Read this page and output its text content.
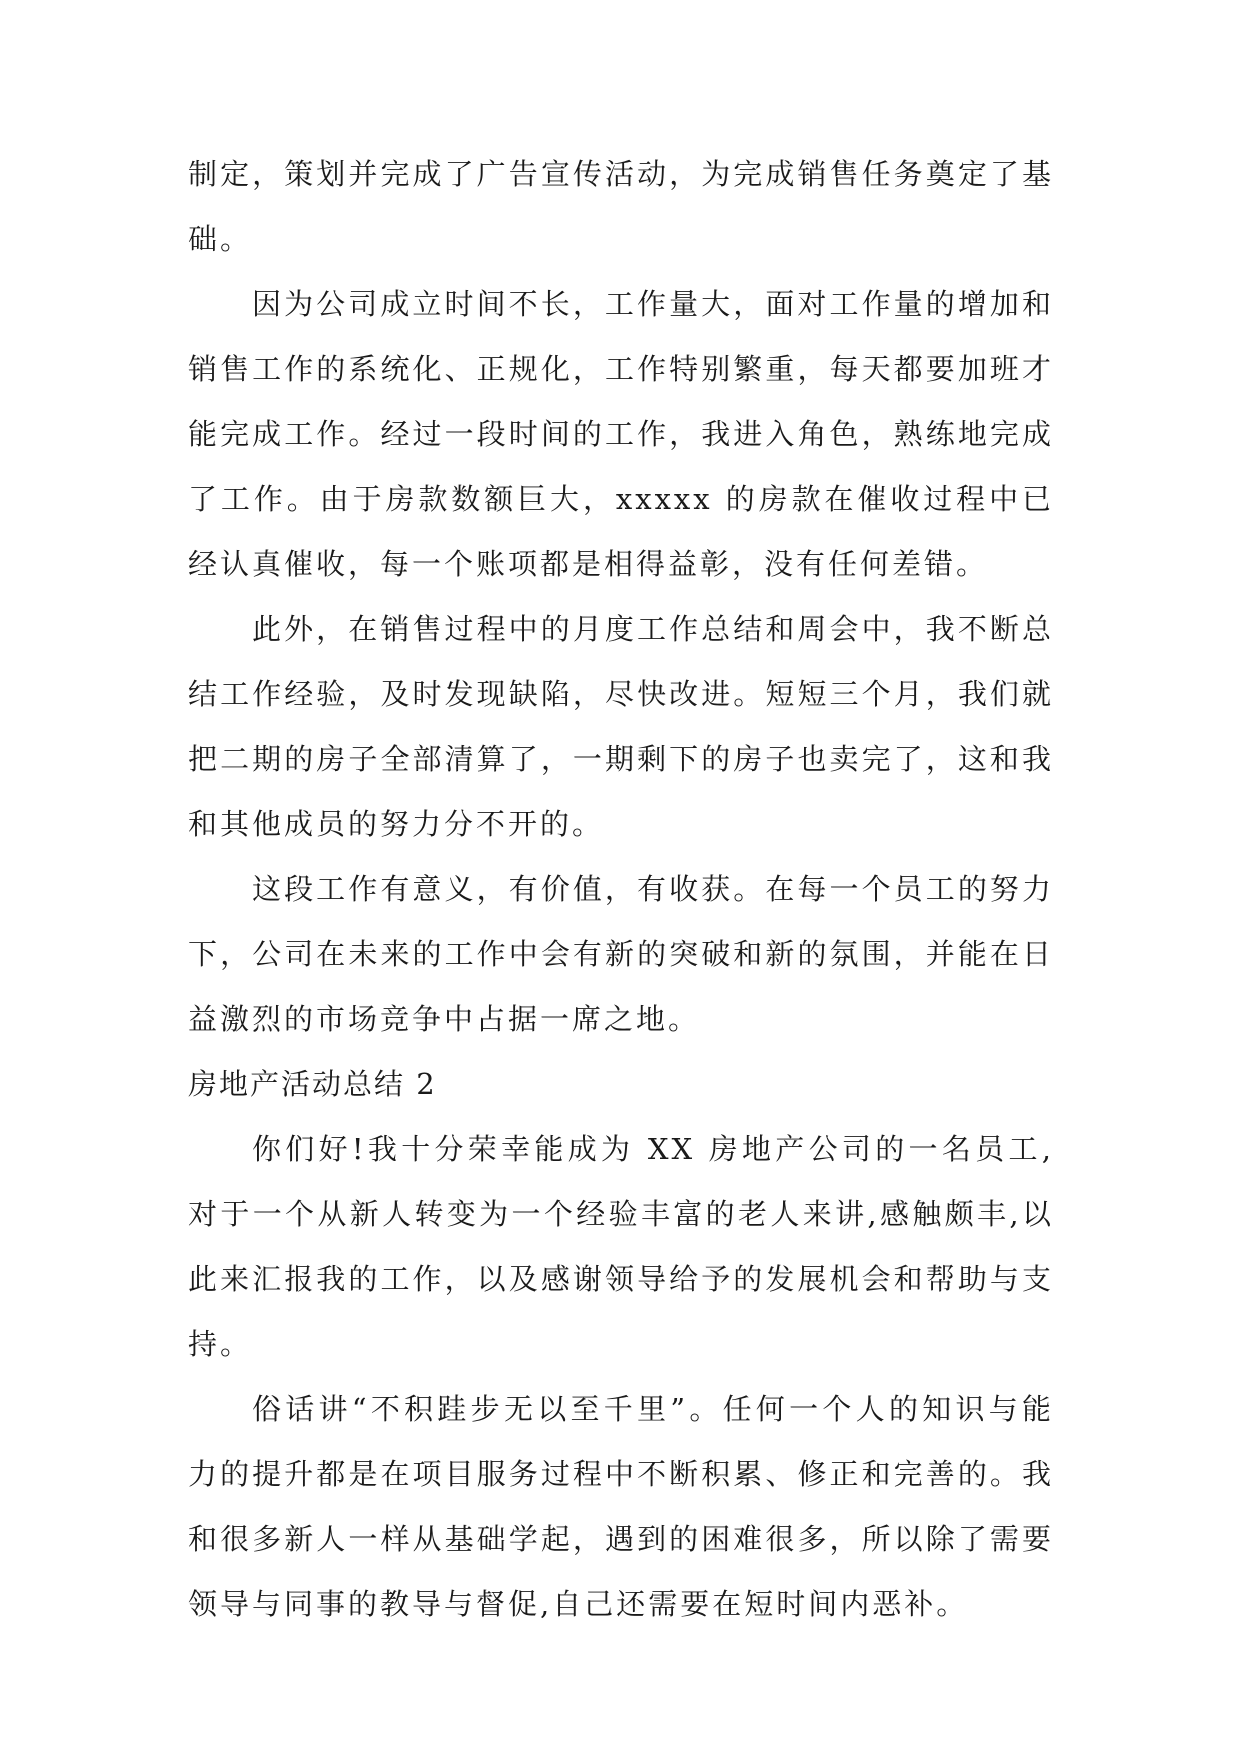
制定，策划并完成了广告宣传活动，为完成销售任务奠定了基础。

因为公司成立时间不长，工作量大，面对工作量的增加和销售工作的系统化、正规化，工作特别繁重，每天都要加班才能完成工作。经过一段时间的工作，我进入角色，熟练地完成了工作。由于房款数额巨大，xxxxx 的房款在催收过程中已经认真催收，每一个账项都是相得益彰，没有任何差错。

此外，在销售过程中的月度工作总结和周会中，我不断总结工作经验，及时发现缺陷，尽快改进。短短三个月，我们就把二期的房子全部清算了，一期剩下的房子也卖完了，这和我和其他成员的努力分不开的。

这段工作有意义，有价值，有收获。在每一个员工的努力下，公司在未来的工作中会有新的突破和新的氛围，并能在日益激烈的市场竞争中占据一席之地。

房地产活动总结 2

你们好!我十分荣幸能成为 XX 房地产公司的一名员工,对于一个从新人转变为一个经验丰富的老人来讲,感触颇丰,以此来汇报我的工作，以及感谢领导给予的发展机会和帮助与支持。

俗话讲“不积跬步无以至千里”。任何一个人的知识与能力的提升都是在项目服务过程中不断积累、修正和完善的。我和很多新人一样从基础学起，遇到的困难很多，所以除了需要领导与同事的教导与督促,自己还需要在短时间内恶补。
